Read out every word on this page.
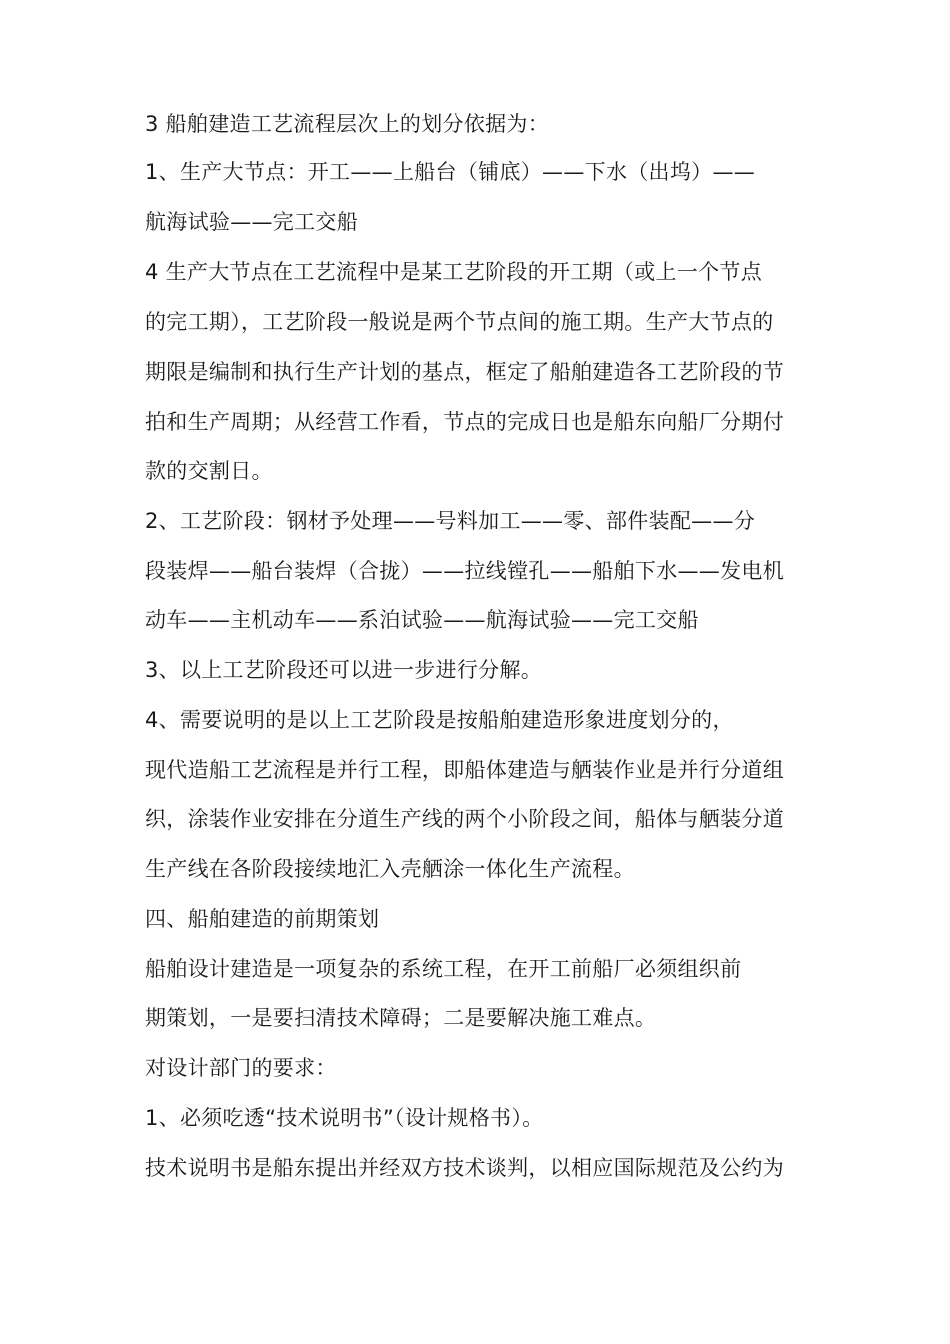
3 船舶建造工艺流程层次上的划分依据为：
1、生产大节点：开工——上船台（铺底）——下水（出坞）——
航海试验——完工交船
4 生产大节点在工艺流程中是某工艺阶段的开工期（或上一个节点
的完工期），工艺阶段一般说是两个节点间的施工期。生产大节点的
期限是编制和执行生产计划的基点，框定了船舶建造各工艺阶段的节
拍和生产周期；从经营工作看，节点的完成日也是船东向船厂分期付
款的交割日。
2、工艺阶段：钢材予处理——号料加工——零、部件装配——分
段装焊——船台装焊（合拢）——拉线镗孔——船舶下水——发电机
动车——主机动车——系泊试验——航海试验——完工交船
3、以上工艺阶段还可以进一步进行分解。
4、需要说明的是以上工艺阶段是按船舶建造形象进度划分的，
现代造船工艺流程是并行工程，即船体建造与舾装作业是并行分道组
织，涂装作业安排在分道生产线的两个小阶段之间，船体与舾装分道
生产线在各阶段接续地汇入壳舾涂一体化生产流程。
四、船舶建造的前期策划
船舶设计建造是一项复杂的系统工程，在开工前船厂必须组织前
期策划，一是要扫清技术障碍；二是要解决施工难点。
对设计部门的要求：
1、必须吃透“技术说明书”（设计规格书）。
技术说明书是船东提出并经双方技术谈判，以相应国际规范及公约为
